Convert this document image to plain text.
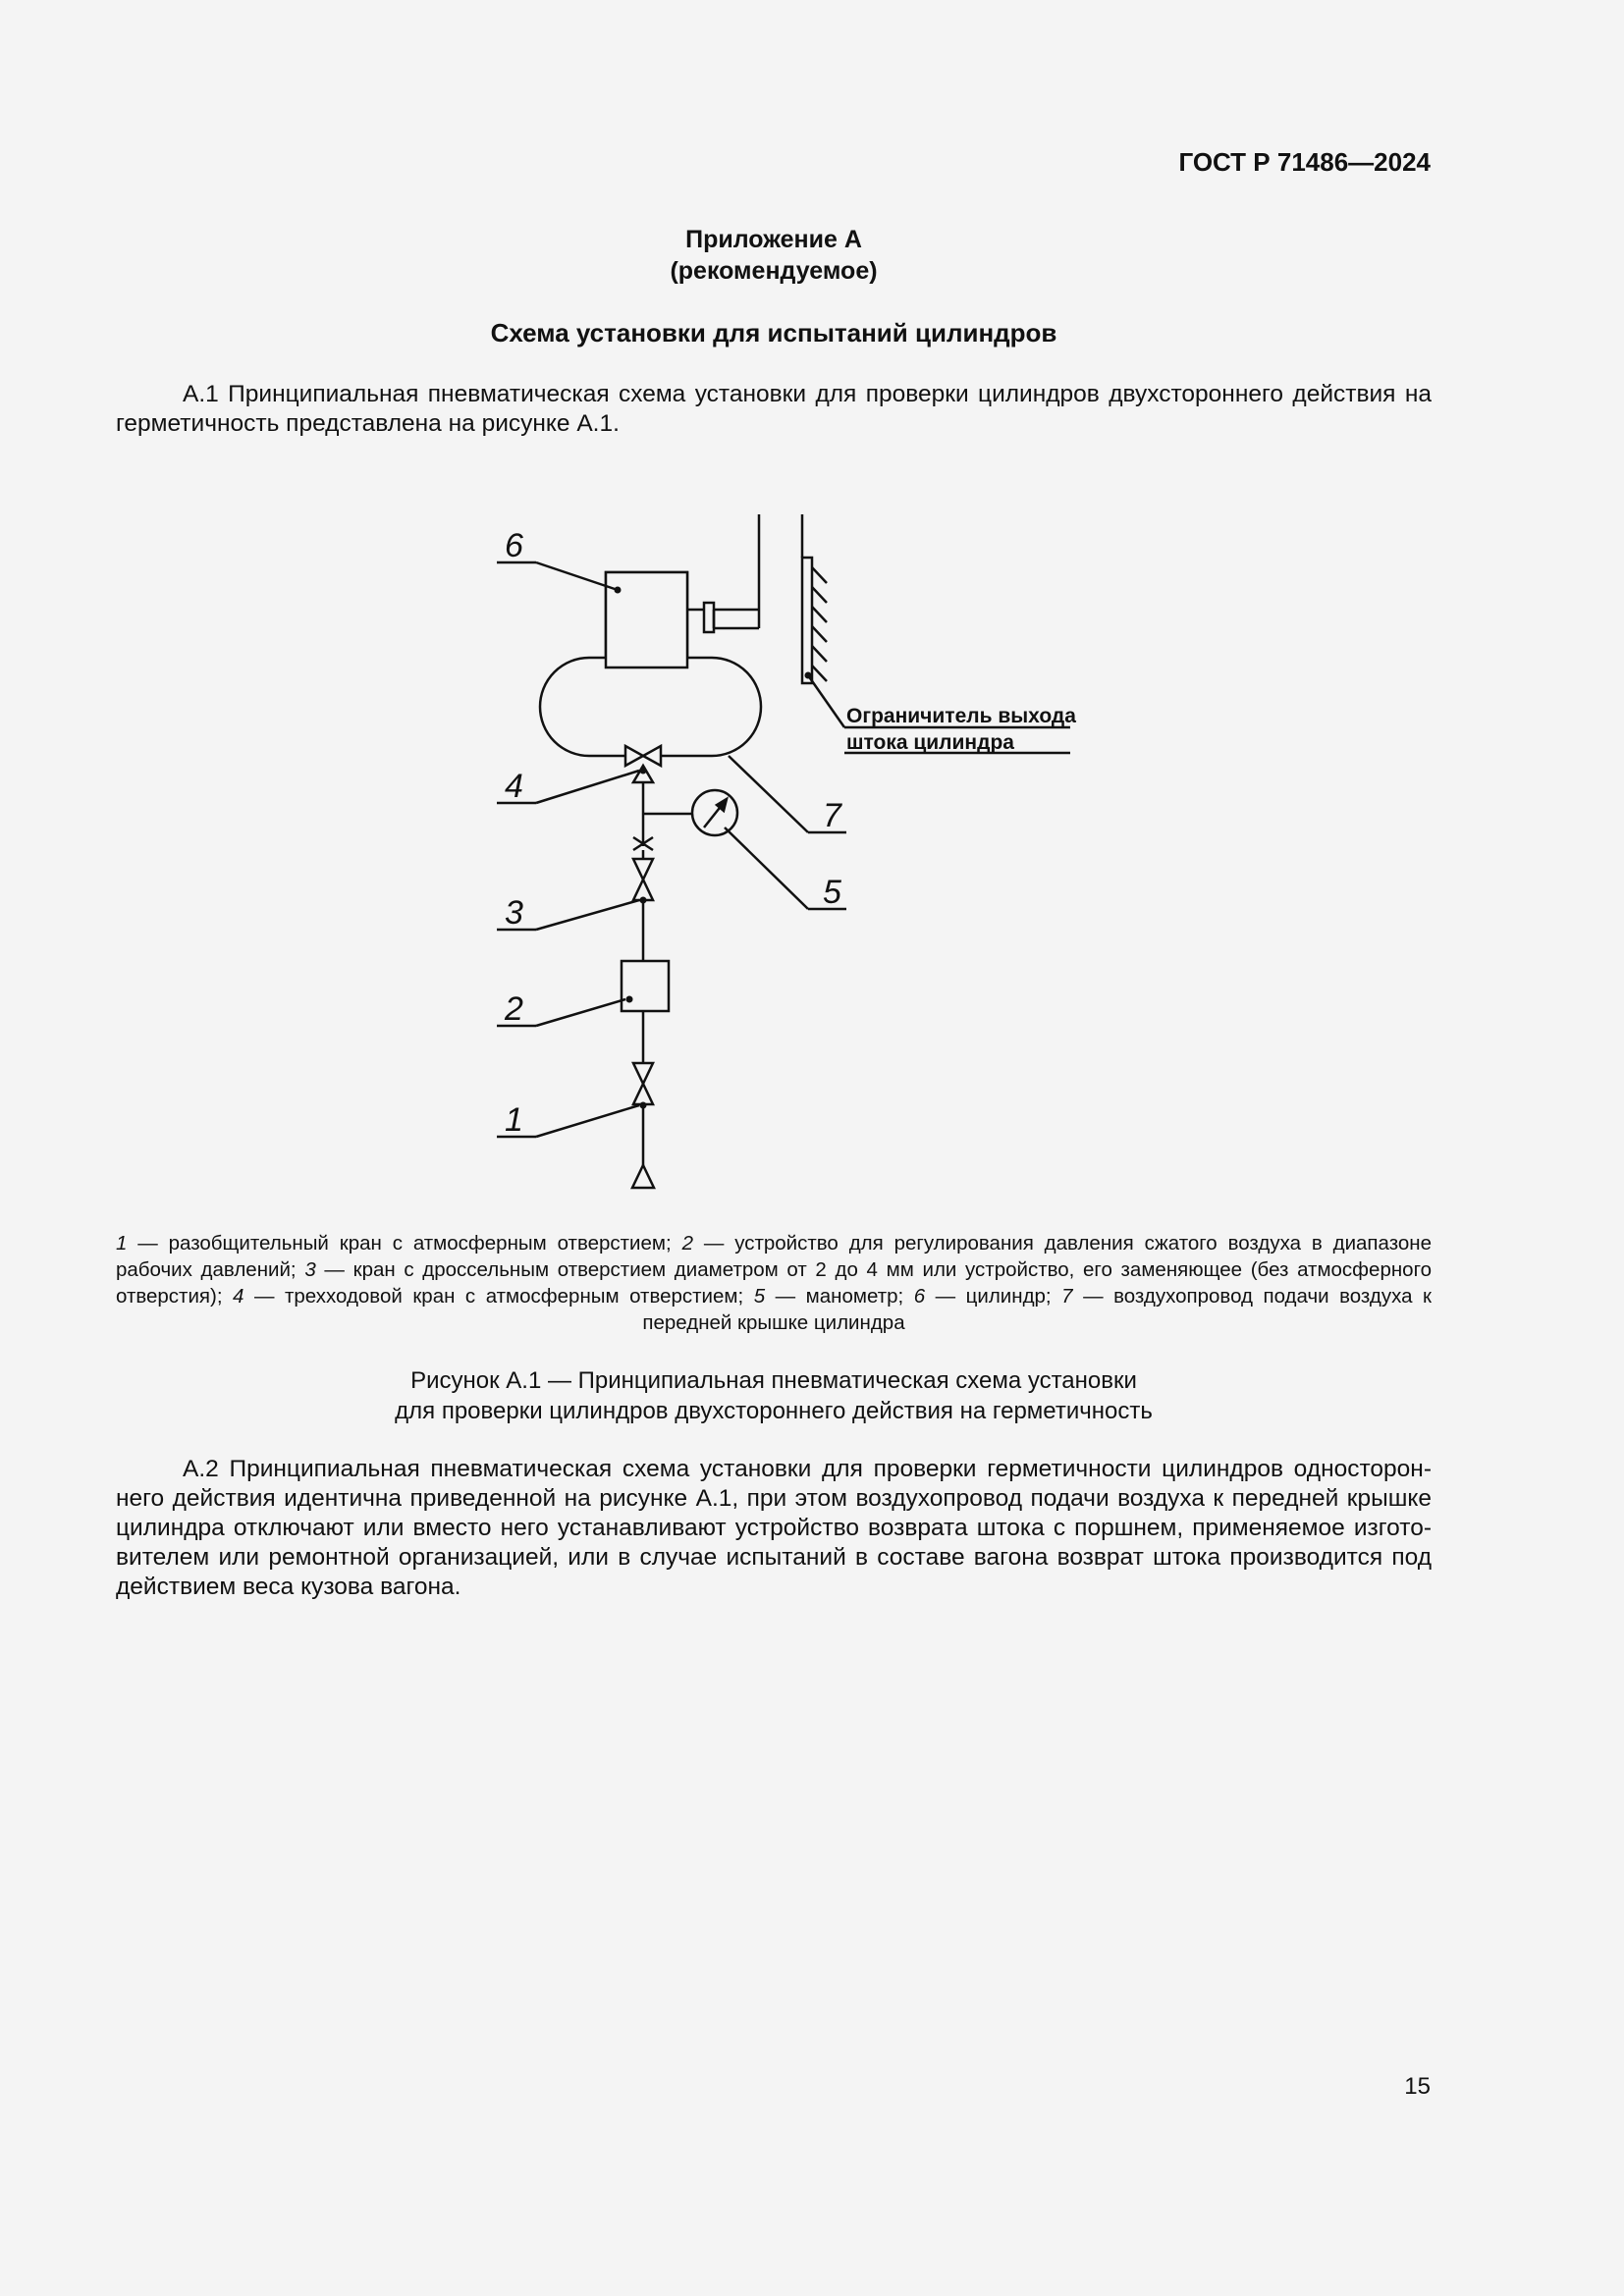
ГОСТ Р 71486—2024
Приложение А
(рекомендуемое)
Схема установки для испытаний цилиндров
А.1 Принципиальная пневматическая схема установки для проверки цилиндров двухстороннего действия на герметичность представлена на рисунке А.1.
6
4
3
2
1
7
5
Ограничитель выхода
штока цилиндра
1 — разобщительный кран с атмосферным отверстием; 2 — устройство для регулирования давления сжатого воздуха в диапазоне рабочих давлений; 3 — кран с дроссельным отверстием диаметром от 2 до 4 мм или устройство, его заменяющее (без атмосферного отверстия); 4 — трехходовой кран с атмосферным отверстием; 5 — манометр; 6 — цилиндр; 7 — воздухопровод подачи воздуха к передней крышке цилиндра
Рисунок А.1 — Принципиальная пневматическая схема установки
для проверки цилиндров двухстороннего действия на герметичность
А.2 Принципиальная пневматическая схема установки для проверки герметичности цилиндров одностороннего действия идентична приведенной на рисунке А.1, при этом воздухопровод подачи воздуха к передней крышке цилиндра отключают или вместо него устанавливают устройство возврата штока с поршнем, применяемое изготовителем или ремонтной организацией, или в случае испытаний в составе вагона возврат штока производится под действием веса кузова вагона.
15
